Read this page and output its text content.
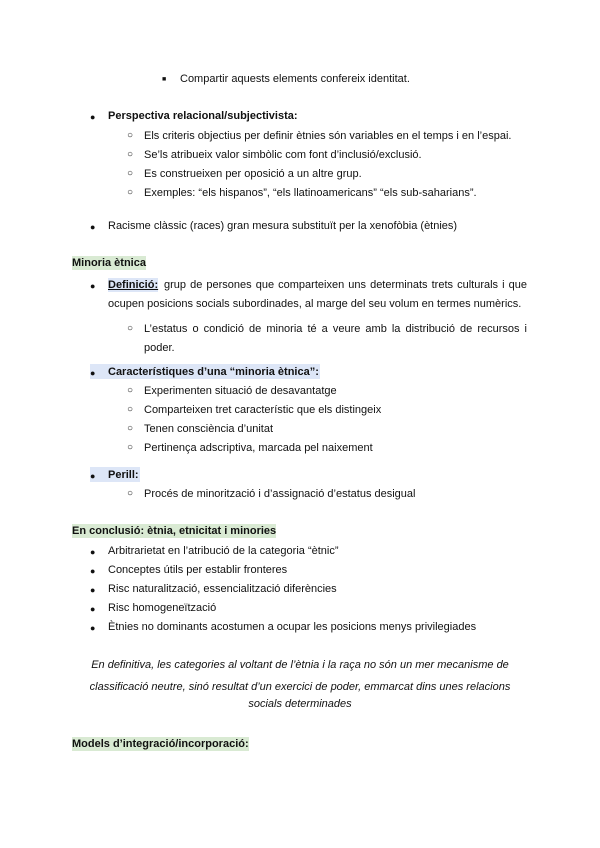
■ Compartir aquests elements confereix identitat.
● Perspectiva relacional/subjectivista:
○ Els criteris objectius per definir ètnies són variables en el temps i en l’espai.
○ Se’ls atribueix valor simbòlic com font d’inclusió/exclusió.
○ Es construeixen per oposició a un altre grup.
○ Exemples: “els hispanos”, “els llatinoamericans” “els sub-saharians”.
● Racisme clàssic (races) gran mesura substituït per la xenofòbia (ètnies)
Minoria ètnica
● Definició: grup de persones que comparteixen uns determinats trets culturals i que
ocupen posicions socials subordinades, al marge del seu volum en termes numèrics.
○ L’estatus o condició de minoria té a veure amb la distribució de recursos i
poder.
● Característiques d’una “minoria ètnica”:
○ Experimenten situació de desavantatge
○ Comparteixen tret característic que els distingeix
○ Tenen consciència d’unitat
○ Pertinença adscriptiva, marcada pel naixement
● Perill:
○ Procés de minorització i d’assignació d’estatus desigual
En conclusió: ètnia, etnicitat i minories
● Arbitrarietat en l’atribució de la categoria “ètnic”
● Conceptes útils per establir fronteres
● Risc naturalització, essencialització diferències
● Risc homogeneïtzació
● Ètnies no dominants acostumen a ocupar les posicions menys privilegiades
En definitiva, les categories al voltant de l’ètnia i la raça no són un mer mecanisme de
classificació neutre, sinó resultat d’un exercici de poder, emmarcat dins unes relacions
socials determinades
Models d’integració/incorporació:
